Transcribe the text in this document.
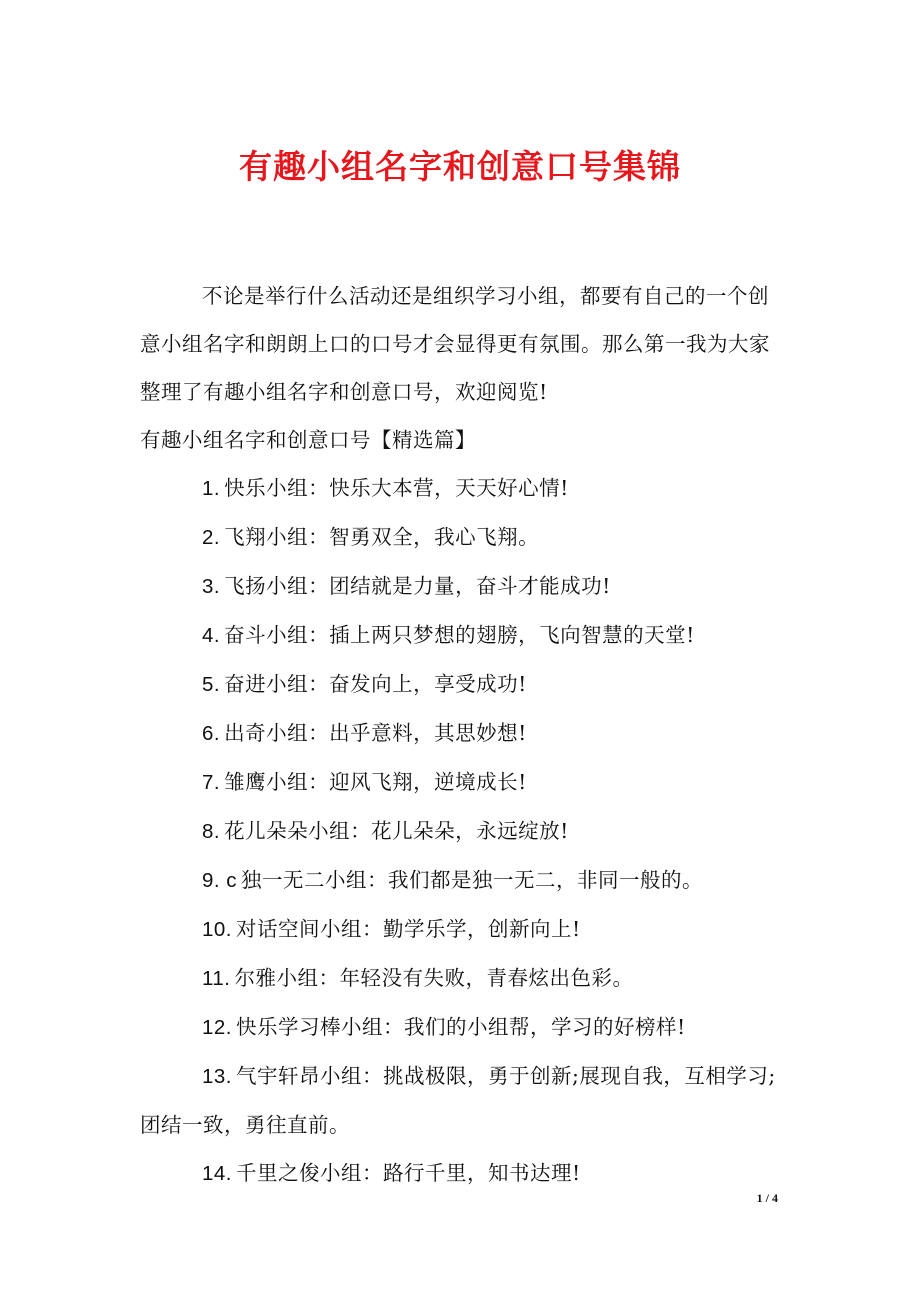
有趣小组名字和创意口号集锦
不论是举行什么活动还是组织学习小组，都要有自己的一个创意小组名字和朗朗上口的口号才会显得更有氛围。那么第一我为大家整理了有趣小组名字和创意口号，欢迎阅览!
有趣小组名字和创意口号【精选篇】
1. 快乐小组：快乐大本营，天天好心情!
2. 飞翔小组：智勇双全，我心飞翔。
3. 飞扬小组：团结就是力量，奋斗才能成功!
4. 奋斗小组：插上两只梦想的翅膀，飞向智慧的天堂!
5. 奋进小组：奋发向上，享受成功!
6. 出奇小组：出乎意料，其思妙想!
7. 雏鹰小组：迎风飞翔，逆境成长!
8. 花儿朵朵小组：花儿朵朵，永远绽放!
9. c 独一无二小组：我们都是独一无二，非同一般的。
10. 对话空间小组：勤学乐学，创新向上!
11. 尔雅小组：年轻没有失败，青春炫出色彩。
12. 快乐学习棒小组：我们的小组帮，学习的好榜样!
13. 气宇轩昂小组：挑战极限，勇于创新;展现自我，互相学习;团结一致，勇往直前。
14. 千里之俊小组：路行千里，知书达理!
1 / 4
